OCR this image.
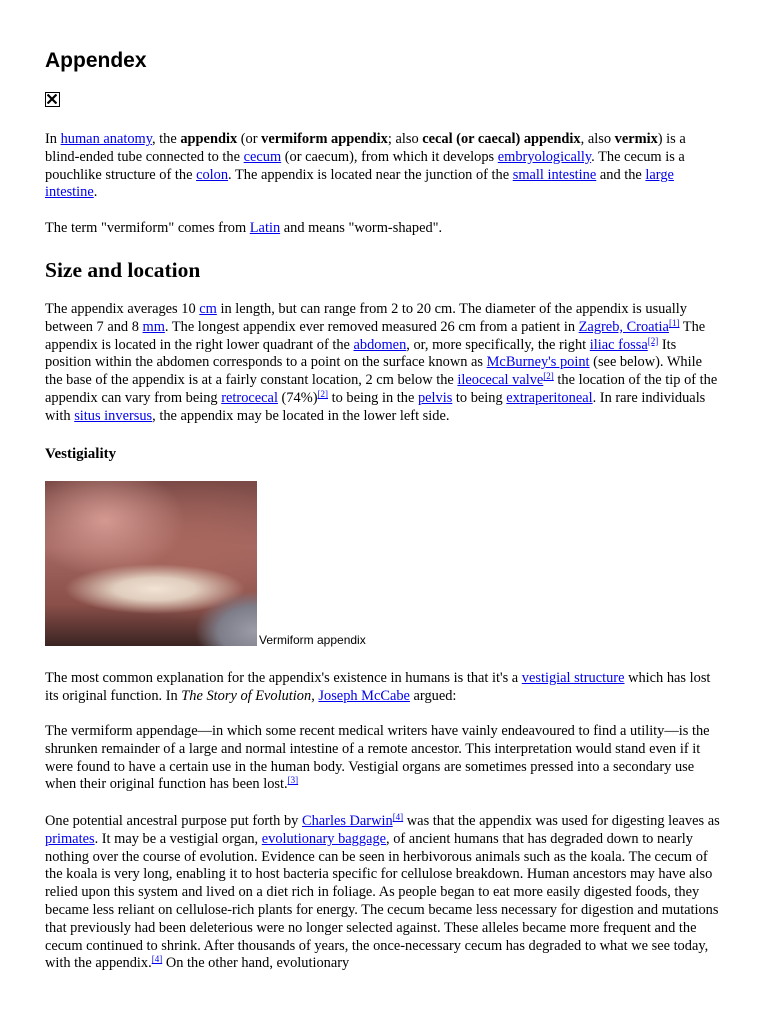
Appendex

In human anatomy, the appendix (or vermiform appendix; also cecal (or caecal) appendix, also vermix) is a blind-ended tube connected to the cecum (or caecum), from which it develops embryologically. The cecum is a pouchlike structure of the colon. The appendix is located near the junction of the small intestine and the large intestine.

The term "vermiform" comes from Latin and means "worm-shaped".

Size and location

The appendix averages 10 cm in length, but can range from 2 to 20 cm. The diameter of the appendix is usually between 7 and 8 mm. The longest appendix ever removed measured 26 cm from a patient in Zagreb, Croatia[1] The appendix is located in the right lower quadrant of the abdomen, or, more specifically, the right iliac fossa[2] Its position within the abdomen corresponds to a point on the surface known as McBurney's point (see below). While the base of the appendix is at a fairly constant location, 2 cm below the ileocecal valve[2] the location of the tip of the appendix can vary from being retrocecal (74%)[2] to being in the pelvis to being extraperitoneal. In rare individuals with situs inversus, the appendix may be located in the lower left side.

Vestigiality
Vermiform appendix

The most common explanation for the appendix's existence in humans is that it's a vestigial structure which has lost its original function. In The Story of Evolution, Joseph McCabe argued:

The vermiform appendage—in which some recent medical writers have vainly endeavoured to find a utility—is the shrunken remainder of a large and normal intestine of a remote ancestor. This interpretation would stand even if it were found to have a certain use in the human body. Vestigial organs are sometimes pressed into a secondary use when their original function has been lost.[3]

One potential ancestral purpose put forth by Charles Darwin[4] was that the appendix was used for digesting leaves as primates. It may be a vestigial organ, evolutionary baggage, of ancient humans that has degraded down to nearly nothing over the course of evolution. Evidence can be seen in herbivorous animals such as the koala. The cecum of the koala is very long, enabling it to host bacteria specific for cellulose breakdown. Human ancestors may have also relied upon this system and lived on a diet rich in foliage. As people began to eat more easily digested foods, they became less reliant on cellulose-rich plants for energy. The cecum became less necessary for digestion and mutations that previously had been deleterious were no longer selected against. These alleles became more frequent and the cecum continued to shrink. After thousands of years, the once-necessary cecum has degraded to what we see today, with the appendix.[4] On the other hand, evolutionary
